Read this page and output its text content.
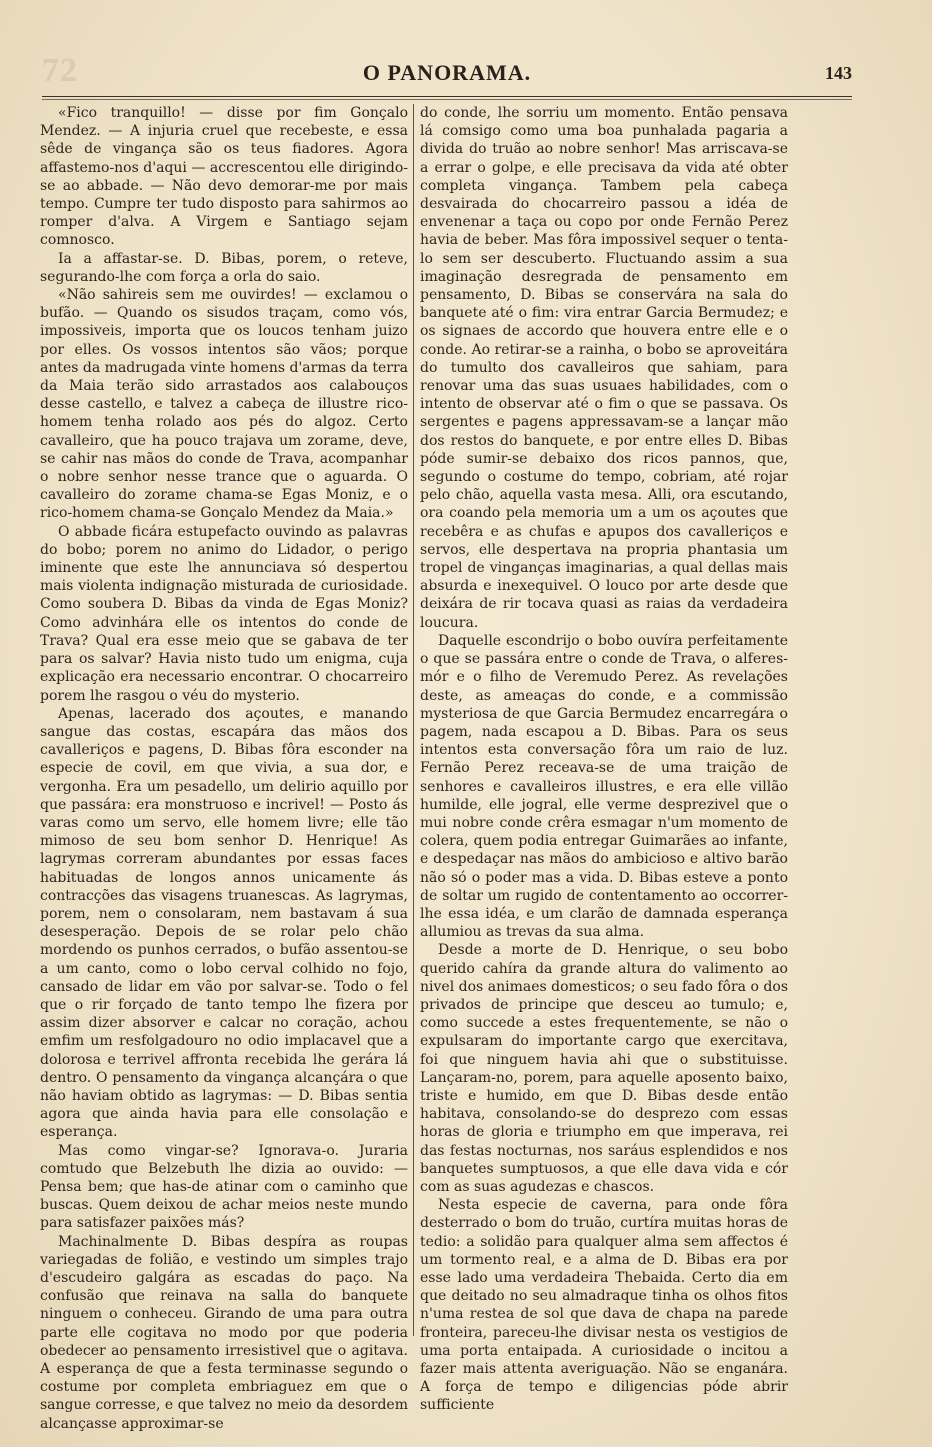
72	O PANORAMA.	143

«Fico tranquillo! — disse por fim Gonçalo Mendez. — A injuria cruel que recebeste, e essa sêde de vingança são os teus fiadores. Agora affastemo-nos d'aqui — accrescentou elle dirigindo-se ao abbade. — Não devo demorar-me por mais tempo. Cumpre ter tudo disposto para sahirmos ao romper d'alva. A Virgem e Santiago sejam comnosco.

Ia a affastar-se. D. Bibas, porem, o reteve, segurando-lhe com força a orla do saio.

«Não sahireis sem me ouvirdes! — exclamou o bufão. — Quando os sisudos traçam, como vós, impossiveis, importa que os loucos tenham juizo por elles. Os vossos intentos são vãos; porque antes da madrugada vinte homens d'armas da terra da Maia terão sido arrastados aos calabouços desse castello, e talvez a cabeça de illustre rico-homem tenha rolado aos pés do algoz. Certo cavalleiro, que ha pouco trajava um zorame, deve, se cahir nas mãos do conde de Trava, acompanhar o nobre senhor nesse trance que o aguarda. O cavalleiro do zorame chama-se Egas Moniz, e o rico-homem chama-se Gonçalo Mendez da Maia.»

O abbade ficára estupefacto ouvindo as palavras do bobo; porem no animo do Lidador, o perigo iminente que este lhe annunciava só despertou mais violenta indignação misturada de curiosidade. Como soubera D. Bibas da vinda de Egas Moniz? Como advinhára elle os intentos do conde de Trava? Qual era esse meio que se gabava de ter para os salvar? Havia nisto tudo um enigma, cuja explicação era necessario encontrar. O chocarreiro porem lhe rasgou o véu do mysterio.

Apenas, lacerado dos açoutes, e manando sangue das costas, escapára das mãos dos cavalleriços e pagens, D. Bibas fôra esconder na especie de covil, em que vivia, a sua dor, e vergonha. Era um pesadello, um delirio aquillo por que passára: era monstruoso e incrivel! — Posto ás varas como um servo, elle homem livre; elle tão mimoso de seu bom senhor D. Henrique! As lagrymas correram abundantes por essas faces habituadas de longos annos unicamente ás contracções das visagens truanescas. As lagrymas, porem, nem o consolaram, nem bastavam á sua desesperação. Depois de se rolar pelo chão mordendo os punhos cerrados, o bufão assentou-se a um canto, como o lobo cerval colhido no fojo, cansado de lidar em vão por salvar-se. Todo o fel que o rir forçado de tanto tempo lhe fizera por assim dizer absorver e calcar no coração, achou emfim um resfolgadouro no odio implacavel que a dolorosa e terrivel affronta recebida lhe gerára lá dentro. O pensamento da vingança alcançára o que não haviam obtido as lagrymas: — D. Bibas sentia agora que ainda havia para elle consolação e esperança.

Mas como vingar-se? Ignorava-o. Juraria comtudo que Belzebuth lhe dizia ao ouvido: — Pensa bem; que has-de atinar com o caminho que buscas. Quem deixou de achar meios neste mundo para satisfazer paixões más?

Machinalmente D. Bibas despíra as roupas variegadas de folião, e vestindo um simples trajo d'escudeiro galgára as escadas do paço. Na confusão que reinava na salla do banquete ninguem o conheceu. Girando de uma para outra parte elle cogitava no modo por que poderia obedecer ao pensamento irresistivel que o agitava. A esperança de que a festa terminasse segundo o costume por completa embriaguez em que o sangue corresse, e que talvez no meio da desordem alcançasse approximar-se

do conde, lhe sorriu um momento. Então pensava lá comsigo como uma boa punhalada pagaria a divida do truão ao nobre senhor! Mas arriscava-se a errar o golpe, e elle precisava da vida até obter completa vingança. Tambem pela cabeça desvairada do chocarreiro passou a idéa de envenenar a taça ou copo por onde Fernão Perez havia de beber. Mas fôra impossivel sequer o tenta-lo sem ser descuberto. Fluctuando assim a sua imaginação desregrada de pensamento em pensamento, D. Bibas se conservára na sala do banquete até o fim: vira entrar Garcia Bermudez; e os signaes de accordo que houvera entre elle e o conde. Ao retirar-se a rainha, o bobo se aproveitára do tumulto dos cavalleiros que sahiam, para renovar uma das suas usuaes habilidades, com o intento de observar até o fim o que se passava. Os sergentes e pagens appressavam-se a lançar mão dos restos do banquete, e por entre elles D. Bibas póde sumir-se debaixo dos ricos pannos, que, segundo o costume do tempo, cobriam, até rojar pelo chão, aquella vasta mesa. Alli, ora escutando, ora coando pela memoria um a um os açoutes que recebêra e as chufas e apupos dos cavalleriços e servos, elle despertava na propria phantasia um tropel de vinganças imaginarias, a qual dellas mais absurda e inexequivel. O louco por arte desde que deixára de rir tocava quasi as raias da verdadeira loucura.

Daquelle escondrijo o bobo ouvíra perfeitamente o que se passára entre o conde de Trava, o alferes-mór e o filho de Veremudo Perez. As revelações deste, as ameaças do conde, e a commissão mysteriosa de que Garcia Bermudez encarregára o pagem, nada escapou a D. Bibas. Para os seus intentos esta conversação fôra um raio de luz. Fernão Perez receava-se de uma traição de senhores e cavalleiros illustres, e era elle villão humilde, elle jogral, elle verme desprezivel que o mui nobre conde crêra esmagar n'um momento de colera, quem podia entregar Guimarães ao infante, e despedaçar nas mãos do ambicioso e altivo barão não só o poder mas a vida. D. Bibas esteve a ponto de soltar um rugido de contentamento ao occorrer-lhe essa idéa, e um clarão de damnada esperança allumiou as trevas da sua alma.

Desde a morte de D. Henrique, o seu bobo querido cahíra da grande altura do valimento ao nivel dos animaes domesticos; o seu fado fôra o dos privados de principe que desceu ao tumulo; e, como succede a estes frequentemente, se não o expulsaram do importante cargo que exercitava, foi que ninguem havia ahi que o substituisse. Lançaram-no, porem, para aquelle aposento baixo, triste e humido, em que D. Bibas desde então habitava, consolando-se do desprezo com essas horas de gloria e triumpho em que imperava, rei das festas nocturnas, nos saráus esplendidos e nos banquetes sumptuosos, a que elle dava vida e cór com as suas agudezas e chascos.

Nesta especie de caverna, para onde fôra desterrado o bom do truão, curtíra muitas horas de tedio: a solidão para qualquer alma sem affectos é um tormento real, e a alma de D. Bibas era por esse lado uma verdadeira Thebaida. Certo dia em que deitado no seu almadraque tinha os olhos fitos n'uma restea de sol que dava de chapa na parede fronteira, pareceu-lhe divisar nesta os vestigios de uma porta entaipada. A curiosidade o incitou a fazer mais attenta averiguação. Não se enganára. A força de tempo e diligencias póde abrir sufficiente
